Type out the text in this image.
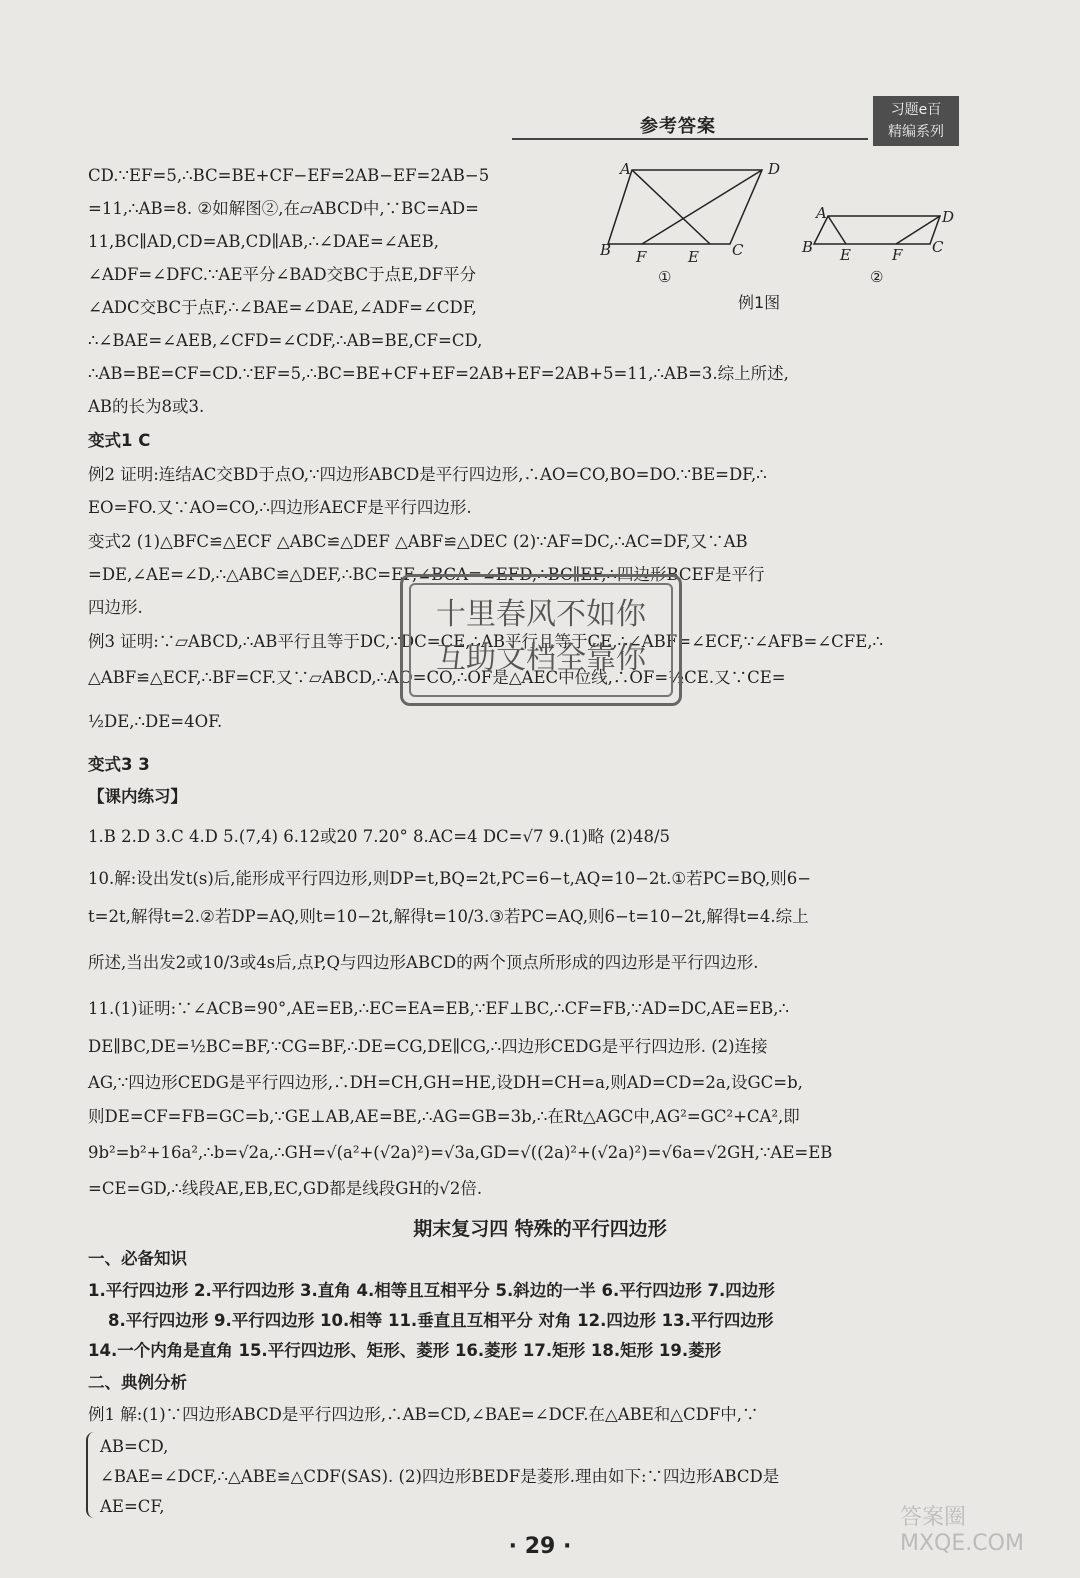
参考答案
习题e百
精编系列
A	D
B F	E C
①
A	D
B E	F C
②
例1图
CD.∵EF=5,∴BC=BE+CF−EF=2AB−EF=2AB−5
=11,∴AB=8. ②如解图②,在▱ABCD中,∵BC=AD=
11,BC∥AD,CD=AB,CD∥AB,∴∠DAE=∠AEB,
∠ADF=∠DFC.∵AE平分∠BAD交BC于点E,DF平分
∠ADC交BC于点F,∴∠BAE=∠DAE,∠ADF=∠CDF,
∴∠BAE=∠AEB,∠CFD=∠CDF,∴AB=BE,CF=CD,
∴AB=BE=CF=CD.∵EF=5,∴BC=BE+CF+EF=2AB+EF=2AB+5=11,∴AB=3.综上所述,
AB的长为8或3.
变式1 C
例2 证明:连结AC交BD于点O,∵四边形ABCD是平行四边形,∴AO=CO,BO=DO.∵BE=DF,∴
EO=FO.又∵AO=CO,∴四边形AECF是平行四边形.
变式2 (1)△BFC≌△ECF △ABC≌△DEF △ABF≌△DEC (2)∵AF=DC,∴AC=DF,又∵AB
=DE,∠AE=∠D,∴△ABC≌△DEF,∴BC=EF,∠BCA=∠EFD,∴BC∥EF,∴四边形BCEF是平行
四边形.
例3 证明:∵▱ABCD,∴AB平行且等于DC,∵DC=CE,∴AB平行且等于CE,∴∠ABF=∠ECF,∵∠AFB=∠CFE,∴
△ABF≌△ECF,∴BF=CF.又∵▱ABCD,∴AO=CO,∴OF是△AEC中位线,∴OF=½CE.又∵CE=
½DE,∴DE=4OF.
变式3 3
【课内练习】
1.B 2.D 3.C 4.D 5.(7,4) 6.12或20 7.20° 8.AC=4 DC=√7 9.(1)略 (2)48/5
10.解:设出发t(s)后,能形成平行四边形,则DP=t,BQ=2t,PC=6−t,AQ=10−2t.①若PC=BQ,则6−
t=2t,解得t=2.②若DP=AQ,则t=10−2t,解得t=10/3.③若PC=AQ,则6−t=10−2t,解得t=4.综上
所述,当出发2或10/3或4s后,点P,Q与四边形ABCD的两个顶点所形成的四边形是平行四边形.
11.(1)证明:∵∠ACB=90°,AE=EB,∴EC=EA=EB,∵EF⊥BC,∴CF=FB,∵AD=DC,AE=EB,∴
DE∥BC,DE=½BC=BF,∵CG=BF,∴DE=CG,DE∥CG,∴四边形CEDG是平行四边形. (2)连接
AG,∵四边形CEDG是平行四边形,∴DH=CH,GH=HE,设DH=CH=a,则AD=CD=2a,设GC=b,
则DE=CF=FB=GC=b,∵GE⊥AB,AE=BE,∴AG=GB=3b,∴在Rt△AGC中,AG²=GC²+CA²,即
9b²=b²+16a²,∴b=√2a,∴GH=√(a²+(√2a)²)=√3a,GD=√((2a)²+(√2a)²)=√6a=√2GH,∵AE=EB
=CE=GD,∴线段AE,EB,EC,GD都是线段GH的√2倍.
期末复习四 特殊的平行四边形
一、必备知识
1.平行四边形 2.平行四边形 3.直角 4.相等且互相平分 5.斜边的一半 6.平行四边形 7.四边形
8.平行四边形 9.平行四边形 10.相等 11.垂直且互相平分 对角 12.四边形 13.平行四边形
14.一个内角是直角 15.平行四边形、矩形、菱形 16.菱形 17.矩形 18.矩形 19.菱形
二、典例分析
例1 解:(1)∵四边形ABCD是平行四边形,∴AB=CD,∠BAE=∠DCF.在△ABE和△CDF中,∵
AB=CD,
∠BAE=∠DCF,∴△ABE≌△CDF(SAS). (2)四边形BEDF是菱形.理由如下:∵四边形ABCD是
AE=CF,
十里春风不如你
互助文档全靠你
· 29 ·
答案圈 MXQE.COM
